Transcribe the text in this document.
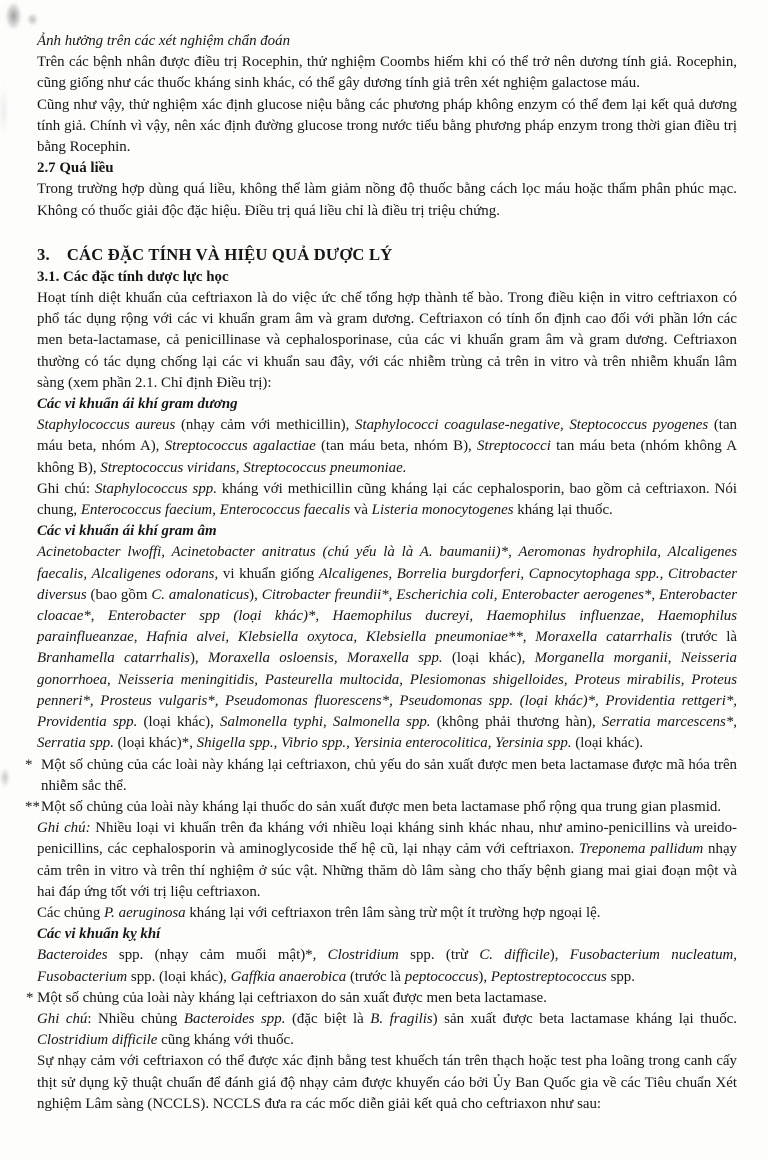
Ảnh hưởng trên các xét nghiệm chẩn đoán
Trên các bệnh nhân được điều trị Rocephin, thử nghiệm Coombs hiếm khi có thể trở nên dương tính giả. Rocephin, cũng giống như các thuốc kháng sinh khác, có thể gây dương tính giả trên xét nghiệm galactose máu.
Cũng như vậy, thử nghiệm xác định glucose niệu bằng các phương pháp không enzym có thể đem lại kết quả dương tính giả. Chính vì vậy, nên xác định đường glucose trong nước tiểu bằng phương pháp enzym trong thời gian điều trị bằng Rocephin.
2.7 Quá liều
Trong trường hợp dùng quá liều, không thể làm giảm nồng độ thuốc bằng cách lọc máu hoặc thẩm phân phúc mạc. Không có thuốc giải độc đặc hiệu. Điều trị quá liều chỉ là điều trị triệu chứng.
3. CÁC ĐẶC TÍNH VÀ HIỆU QUẢ DƯỢC LÝ
3.1. Các đặc tính dược lực học
Hoạt tính diệt khuẩn của ceftriaxon là do việc ức chế tổng hợp thành tế bào. Trong điều kiện in vitro ceftriaxon có phổ tác dụng rộng với các vi khuẩn gram âm và gram dương. Ceftriaxon có tính ổn định cao đối với phần lớn các men beta-lactamase, cả penicillinase và cephalosporinase, của các vi khuẩn gram âm và gram dương. Ceftriaxon thường có tác dụng chống lại các vi khuẩn sau đây, với các nhiễm trùng cả trên in vitro và trên nhiễm khuẩn lâm sàng (xem phần 2.1. Chỉ định Điều trị):
Các vi khuẩn ái khí gram dương
Staphylococcus aureus (nhạy cảm với methicillin), Staphylococci coagulase-negative, Steptococcus pyogenes (tan máu beta, nhóm A), Streptococcus agalactiae (tan máu beta, nhóm B), Streptococci tan máu beta (nhóm không A không B), Streptococcus viridans, Streptococcus pneumoniae.
Ghi chú: Staphylococcus spp. kháng với methicillin cũng kháng lại các cephalosporin, bao gồm cả ceftriaxon. Nói chung, Enterococcus faecium, Enterococcus faecalis và Listeria monocytogenes kháng lại thuốc.
Các vi khuẩn ái khí gram âm
Acinetobacter lwoffi, Acinetobacter anitratus (chú yếu là là A. baumanii)*, Aeromonas hydrophila, Alcaligenes faecalis, Alcaligenes odorans, vi khuẩn giống Alcaligenes, Borrelia burgdorferi, Capnocytophaga spp., Citrobacter diversus (bao gồm C. amalonaticus), Citrobacter freundii*, Escherichia coli, Enterobacter aerogenes*, Enterobacter cloacae*, Enterobacter spp (loại khác)*, Haemophilus ducreyi, Haemophilus influenzae, Haemophilus parainflueanzae, Hafnia alvei, Klebsiella oxytoca, Klebsiella pneumoniae**, Moraxella catarrhalis (trước là Branhamella catarrhalis), Moraxella osloensis, Moraxella spp. (loại khác), Morganella morganii, Neisseria gonorrhoea, Neisseria meningitidis, Pasteurella multocida, Plesiomonas shigelloides, Proteus mirabilis, Proteus penneri*, Prosteus vulgaris*, Pseudomonas fluorescens*, Pseudomonas spp. (loại khác)*, Providentia rettgeri*, Providentia spp. (loại khác), Salmonella typhi, Salmonella spp. (không phải thương hàn), Serratia marcescens*, Serratia spp. (loại khác)*, Shigella spp., Vibrio spp., Yersinia enterocolitica, Yersinia spp. (loại khác).
* Một số chủng của các loài này kháng lại ceftriaxon, chủ yếu do sản xuất được men beta lactamase được mã hóa trên nhiễm sắc thể.
** Một số chủng của loài này kháng lại thuốc do sản xuất được men beta lactamase phổ rộng qua trung gian plasmid.
Ghi chú: Nhiều loại vi khuẩn trên đa kháng với nhiều loại kháng sinh khác nhau, như amino-penicillins và ureido-penicillins, các cephalosporin và aminoglycoside thế hệ cũ, lại nhạy cảm với ceftriaxon. Treponema pallidum nhạy cảm trên in vitro và trên thí nghiệm ở súc vật. Những thăm dò lâm sàng cho thấy bệnh giang mai giai đoạn một và hai đáp ứng tốt với trị liệu ceftriaxon.
Các chủng P. aeruginosa kháng lại với ceftriaxon trên lâm sàng trừ một ít trường hợp ngoại lệ.
Các vi khuẩn kỵ khí
Bacteroides spp. (nhạy cảm muối mật)*, Clostridium spp. (trừ C. difficile), Fusobacterium nucleatum, Fusobacterium spp. (loại khác), Gaffkia anaerobica (trước là peptococcus), Peptostreptococcus spp.
* Một số chủng của loài này kháng lại ceftriaxon do sản xuất được men beta lactamase.
Ghi chú: Nhiều chủng Bacteroides spp. (đặc biệt là B. fragilis) sản xuất được beta lactamase kháng lại thuốc. Clostridium difficile cũng kháng với thuốc.
Sự nhạy cảm với ceftriaxon có thể được xác định bằng test khuếch tán trên thạch hoặc test pha loãng trong canh cấy thịt sử dụng kỹ thuật chuẩn để đánh giá độ nhạy cảm được khuyến cáo bởi Ủy Ban Quốc gia về các Tiêu chuẩn Xét nghiệm Lâm sàng (NCCLS). NCCLS đưa ra các mốc diễn giải kết quả cho ceftriaxon như sau:
